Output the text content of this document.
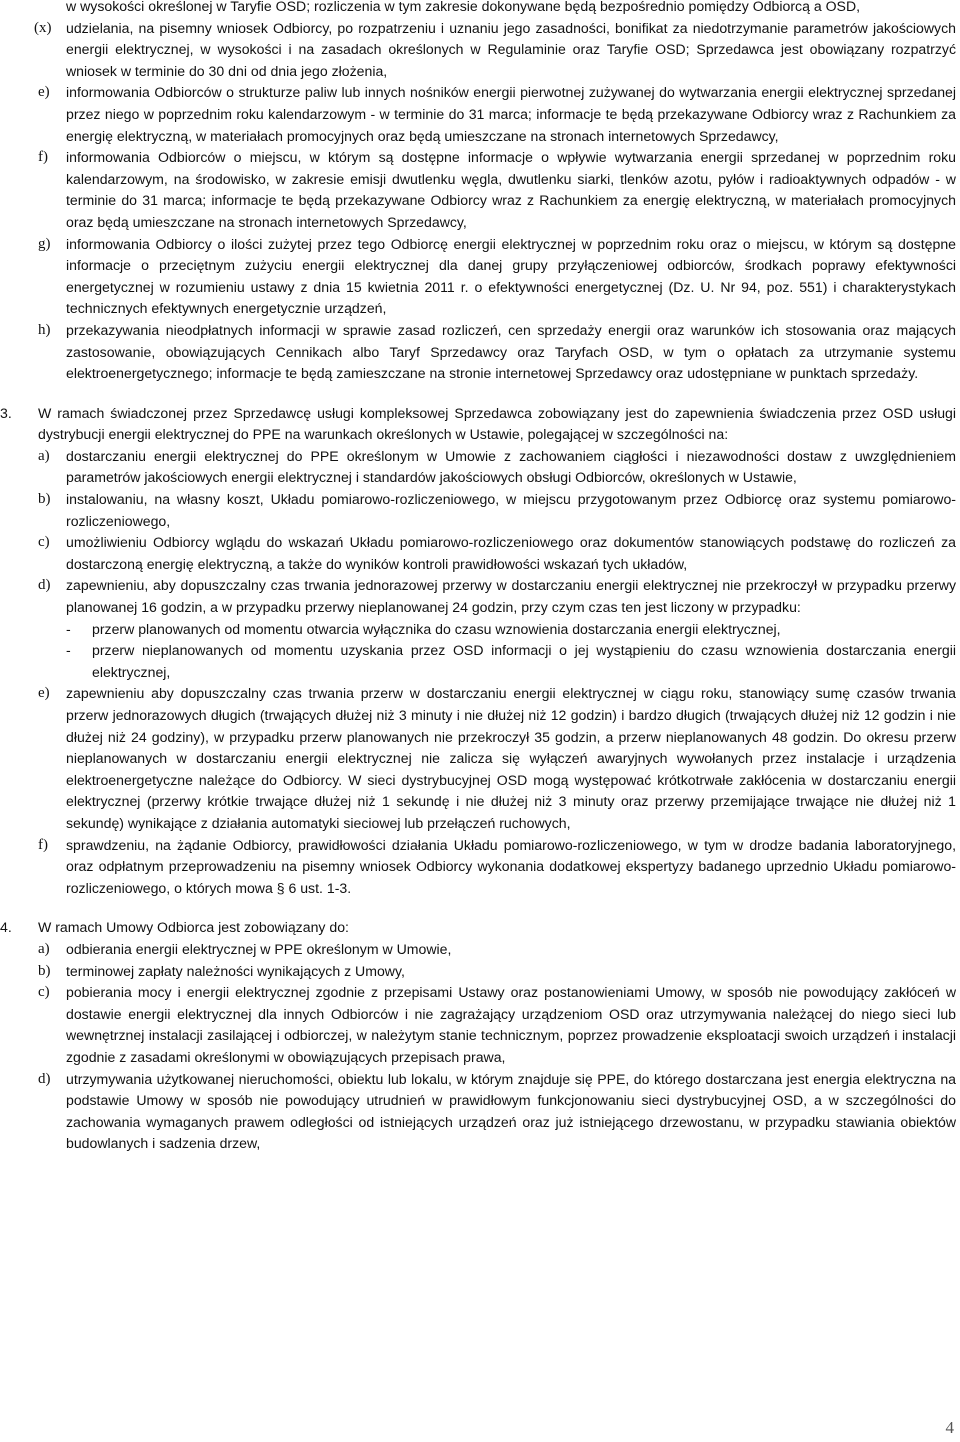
w wysokości określonej w Taryfie OSD; rozliczenia w tym zakresie dokonywane będą bezpośrednio pomiędzy Odbiorcą a OSD,
(x) udzielania, na pisemny wniosek Odbiorcy, po rozpatrzeniu i uznaniu jego zasadności, bonifikat za niedotrzymanie parametrów jakościowych energii elektrycznej, w wysokości i na zasadach określonych w Regulaminie oraz Taryfie OSD; Sprzedawca jest obowiązany rozpatrzyć wniosek w terminie do 30 dni od dnia jego złożenia,
e) informowania Odbiorców o strukturze paliw lub innych nośników energii pierwotnej zużywanej do wytwarzania energii elektrycznej sprzedanej przez niego w poprzednim roku kalendarzowym - w terminie do 31 marca; informacje te będą przekazywane Odbiorcy wraz z Rachunkiem za energię elektryczną, w materiałach promocyjnych oraz będą umieszczane na stronach internetowych Sprzedawcy,
f) informowania Odbiorców o miejscu, w którym są dostępne informacje o wpływie wytwarzania energii sprzedanej w poprzednim roku kalendarzowym, na środowisko, w zakresie emisji dwutlenku węgla, dwutlenku siarki, tlenków azotu, pyłów i radioaktywnych odpadów - w terminie do 31 marca; informacje te będą przekazywane Odbiorcy wraz z Rachunkiem za energię elektryczną, w materiałach promocyjnych oraz będą umieszczane na stronach internetowych Sprzedawcy,
g) informowania Odbiorcy o ilości zużytej przez tego Odbiorcę energii elektrycznej w poprzednim roku oraz o miejscu, w którym są dostępne informacje o przeciętnym zużyciu energii elektrycznej dla danej grupy przyłączeniowej odbiorców, środkach poprawy efektywności energetycznej w rozumieniu ustawy z dnia 15 kwietnia 2011 r. o efektywności energetycznej (Dz. U. Nr 94, poz. 551) i charakterystykach technicznych efektywnych energetycznie urządzeń,
h) przekazywania nieodpłatnych informacji w sprawie zasad rozliczeń, cen sprzedaży energii oraz warunków ich stosowania oraz mających zastosowanie, obowiązujących Cennikach albo Taryf Sprzedawcy oraz Taryfach OSD, w tym o opłatach za utrzymanie systemu elektroenergetycznego; informacje te będą zamieszczane na stronie internetowej Sprzedawcy oraz udostępniane w punktach sprzedaży.
3. W ramach świadczonej przez Sprzedawcę usługi kompleksowej Sprzedawca zobowiązany jest do zapewnienia świadczenia przez OSD usługi dystrybucji energii elektrycznej do PPE na warunkach określonych w Ustawie, polegającej w szczególności na:
a) dostarczaniu energii elektrycznej do PPE określonym w Umowie z zachowaniem ciągłości i niezawodności dostaw z uwzględnieniem parametrów jakościowych energii elektrycznej i standardów jakościowych obsługi Odbiorców, określonych w Ustawie,
b) instalowaniu, na własny koszt, Układu pomiarowo-rozliczeniowego, w miejscu przygotowanym przez Odbiorcę oraz systemu pomiarowo-rozliczeniowego,
c) umożliwieniu Odbiorcy wglądu do wskazań Układu pomiarowo-rozliczeniowego oraz dokumentów stanowiących podstawę do rozliczeń za dostarczoną energię elektryczną, a także do wyników kontroli prawidłowości wskazań tych układów,
d) zapewnieniu, aby dopuszczalny czas trwania jednorazowej przerwy w dostarczaniu energii elektrycznej nie przekroczył w przypadku przerwy planowanej 16 godzin, a w przypadku przerwy nieplanowanej 24 godzin, przy czym czas ten jest liczony w przypadku:
- przerw planowanych od momentu otwarcia wyłącznika do czasu wznowienia dostarczania energii elektrycznej,
- przerw nieplanowanych od momentu uzyskania przez OSD informacji o jej wystąpieniu do czasu wznowienia dostarczania energii elektrycznej,
e) zapewnieniu aby dopuszczalny czas trwania przerw w dostarczaniu energii elektrycznej w ciągu roku, stanowiący sumę czasów trwania przerw jednorazowych długich (trwających dłużej niż 3 minuty i nie dłużej niż 12 godzin) i bardzo długich (trwających dłużej niż 12 godzin i nie dłużej niż 24 godziny), w przypadku przerw planowanych nie przekroczył 35 godzin, a przerw nieplanowanych 48 godzin. Do okresu przerw nieplanowanych w dostarczaniu energii elektrycznej nie zalicza się wyłączeń awaryjnych wywołanych przez instalacje i urządzenia elektroenergetyczne należące do Odbiorcy. W sieci dystrybucyjnej OSD mogą występować krótkotrwałe zakłócenia w dostarczaniu energii elektrycznej (przerwy krótkie trwające dłużej niż 1 sekundę i nie dłużej niż 3 minuty oraz przerwy przemijające trwające nie dłużej niż 1 sekundę) wynikające z działania automatyki sieciowej lub przełączeń ruchowych,
f) sprawdzeniu, na żądanie Odbiorcy, prawidłowości działania Układu pomiarowo-rozliczeniowego, w tym w drodze badania laboratoryjnego, oraz odpłatnym przeprowadzeniu na pisemny wniosek Odbiorcy wykonania dodatkowej ekspertyzy badanego uprzednio Układu pomiarowo-rozliczeniowego, o których mowa § 6 ust. 1-3.
4. W ramach Umowy Odbiorca jest zobowiązany do:
a) odbierania energii elektrycznej w PPE określonym w Umowie,
b) terminowej zapłaty należności wynikających z Umowy,
c) pobierania mocy i energii elektrycznej zgodnie z przepisami Ustawy oraz postanowieniami Umowy, w sposób nie powodujący zakłóceń w dostawie energii elektrycznej dla innych Odbiorców i nie zagrażający urządzeniom OSD oraz utrzymywania należącej do niego sieci lub wewnętrznej instalacji zasilającej i odbiorczej, w należytym stanie technicznym, poprzez prowadzenie eksploatacji swoich urządzeń i instalacji zgodnie z zasadami określonymi w obowiązujących przepisach prawa,
d) utrzymywania użytkowanej nieruchomości, obiektu lub lokalu, w którym znajduje się PPE, do którego dostarczana jest energia elektryczna na podstawie Umowy w sposób nie powodujący utrudnień w prawidłowym funkcjonowaniu sieci dystrybucyjnej OSD, a w szczególności do zachowania wymaganych prawem odległości od istniejących urządzeń oraz już istniejącego drzewostanu, w przypadku stawiania obiektów budowlanych i sadzenia drzew,
4
